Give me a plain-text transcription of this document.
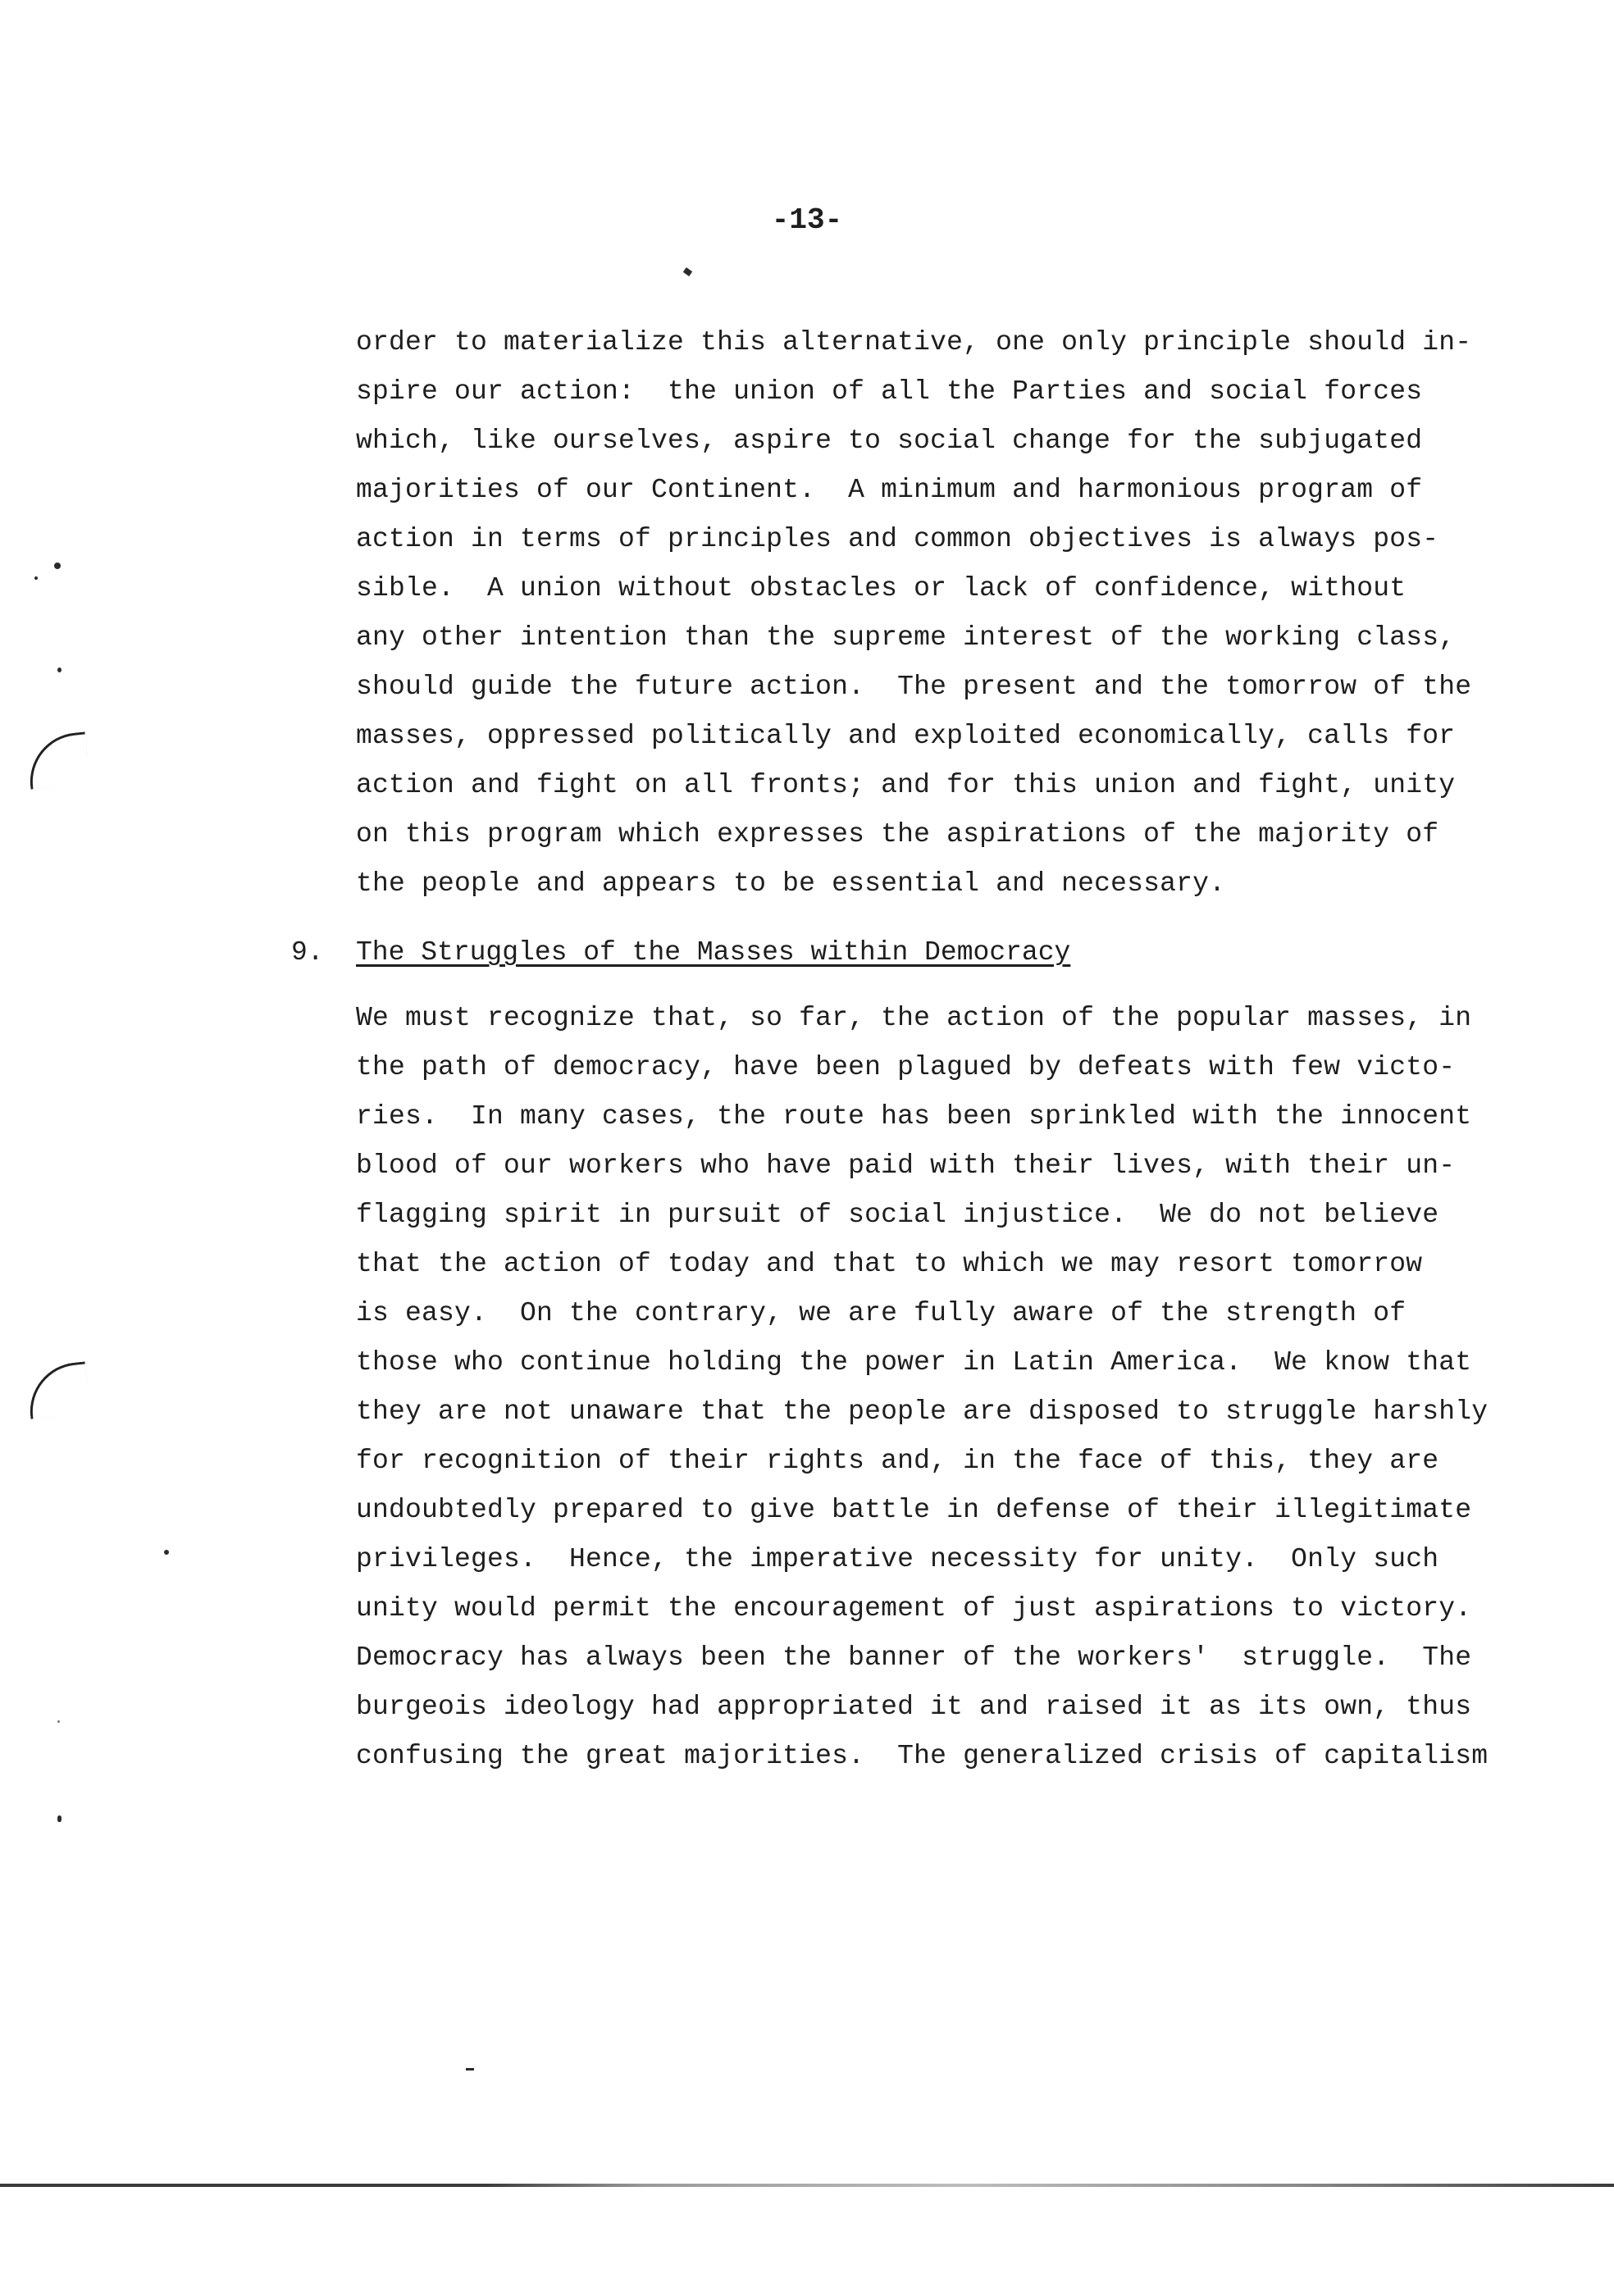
-13-
order to materialize this alternative, one only principle should in-
spire our action:  the union of all the Parties and social forces
which, like ourselves, aspire to social change for the subjugated
majorities of our Continent.  A minimum and harmonious program of
action in terms of principles and common objectives is always pos-
sible.  A union without obstacles or lack of confidence, without
any other intention than the supreme interest of the working class,
should guide the future action.  The present and the tomorrow of the
masses, oppressed politically and exploited economically, calls for
action and fight on all fronts; and for this union and fight, unity
on this program which expresses the aspirations of the majority of
the people and appears to be essential and necessary.
9. The Struggles of the Masses within Democracy
We must recognize that, so far, the action of the popular masses, in
the path of democracy, have been plagued by defeats with few victo-
ries.  In many cases, the route has been sprinkled with the innocent
blood of our workers who have paid with their lives, with their un-
flagging spirit in pursuit of social injustice.  We do not believe
that the action of today and that to which we may resort tomorrow
is easy.  On the contrary, we are fully aware of the strength of
those who continue holding the power in Latin America.  We know that
they are not unaware that the people are disposed to struggle harshly
for recognition of their rights and, in the face of this, they are
undoubtedly prepared to give battle in defense of their illegitimate
privileges.  Hence, the imperative necessity for unity.  Only such
unity would permit the encouragement of just aspirations to victory.
Democracy has always been the banner of the workers'  struggle.  The
burgeois ideology had appropriated it and raised it as its own, thus
confusing the great majorities.  The generalized crisis of capitalism
